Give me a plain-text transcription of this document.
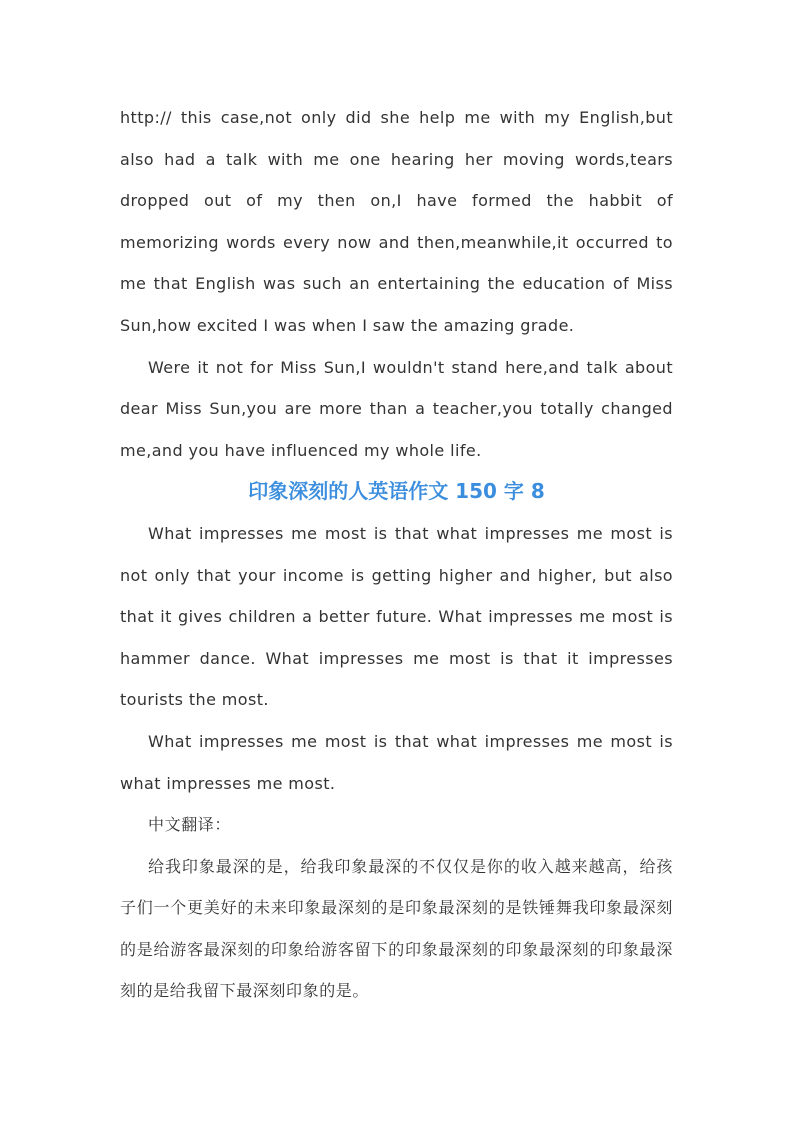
http:// this case,not only did she help me with my English,but also had a talk with me one hearing her moving words,tears dropped out of my then on,I have formed the habbit of memorizing words every now and then,meanwhile,it occurred to me that English was such an entertaining the education of Miss Sun,how excited I was when I saw the amazing grade.

Were it not for Miss Sun,I wouldn't stand here,and talk about dear Miss Sun,you are more than a teacher,you totally changed me,and you have influenced my whole life.

印象深刻的人英语作文 150 字 8

What impresses me most is that what impresses me most is not only that your income is getting higher and higher, but also that it gives children a better future. What impresses me most is hammer dance. What impresses me most is that it impresses tourists the most.

What impresses me most is that what impresses me most is what impresses me most.

中文翻译：

给我印象最深的是，给我印象最深的不仅仅是你的收入越来越高，给孩子们一个更美好的未来印象最深刻的是印象最深刻的是铁锤舞我印象最深刻的是给游客最深刻的印象给游客留下的印象最深刻的印象最深刻的印象最深刻的是给我留下最深刻印象的是。
